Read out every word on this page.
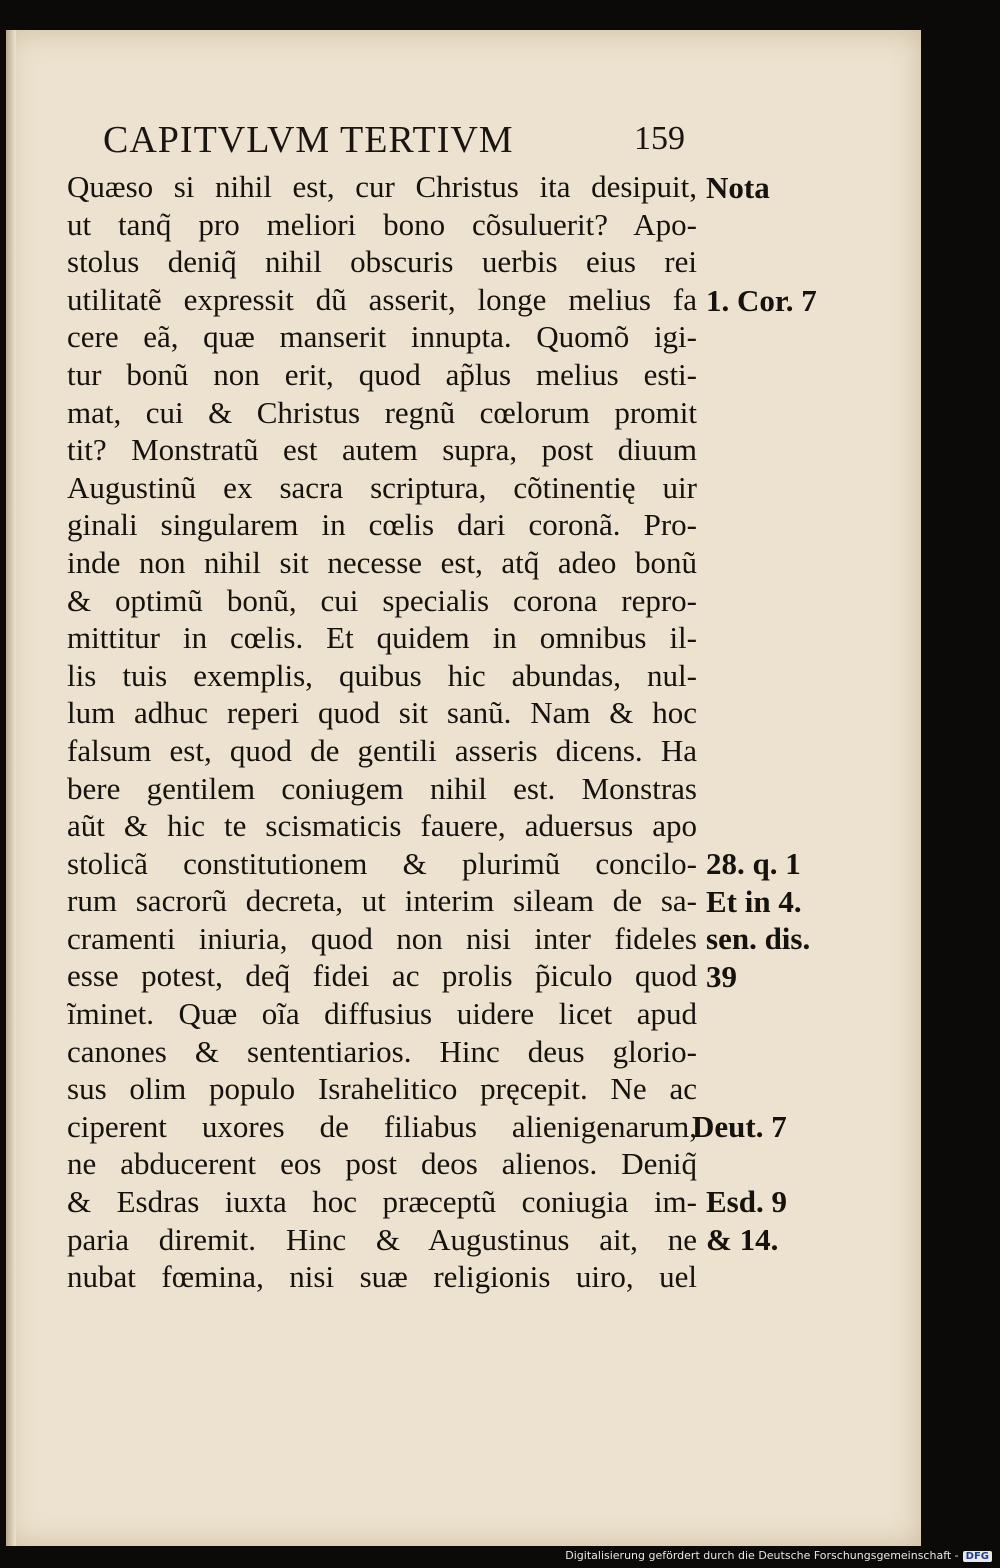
CAPITVLVM TERTIVM	159
Quæso si nihil est, cur Christus ita desipuit,
ut tanq̃ pro meliori bono cõsuluerit? Apo-
stolus deniq̃ nihil obscuris uerbis eius rei
utilitatẽ expressit dũ asserit, longe melius fa
cere eã, quæ manserit innupta. Quomõ igi-
tur bonũ non erit, quod ap̃lus melius esti-
mat, cui & Christus regnũ cœlorum promit
tit? Monstratũ est autem supra, post diuum
Augustinũ ex sacra scriptura, cõtinentię uir
ginali singularem in cœlis dari coronã. Pro-
inde non nihil sit necesse est, atq̃ adeo bonũ
& optimũ bonũ, cui specialis corona repro-
mittitur in cœlis. Et quidem in omnibus il-
lis tuis exemplis, quibus hic abundas, nul-
lum adhuc reperi quod sit sanũ. Nam & hoc
falsum est, quod de gentili asseris dicens. Ha
bere gentilem coniugem nihil est. Monstras
aũt & hic te scismaticis fauere, aduersus apo
stolicã constitutionem & plurimũ concilo-
rum sacrorũ decreta, ut interim sileam de sa-
cramenti iniuria, quod non nisi inter fideles
esse potest, deq̃ fidei ac prolis p̃iculo quod
ĩminet. Quæ oĩa diffusius uidere licet apud
canones & sententiarios. Hinc deus glorio-
sus olim populo Israhelitico pręcepit. Ne ac
ciperent uxores de filiabus alienigenarum,
ne abducerent eos post deos alienos. Deniq̃
& Esdras iuxta hoc præceptũ coniugia im-
paria diremit. Hinc & Augustinus ait, ne
nubat fœmina, nisi suæ religionis uiro, uel
Nota
1. Cor. 7
28. q. 1
Et in 4.
sen. dis.
39
Deut. 7
Esd. 9
& 14.
Digitalisierung gefördert durch die Deutsche Forschungsgemeinschaft - DFG
